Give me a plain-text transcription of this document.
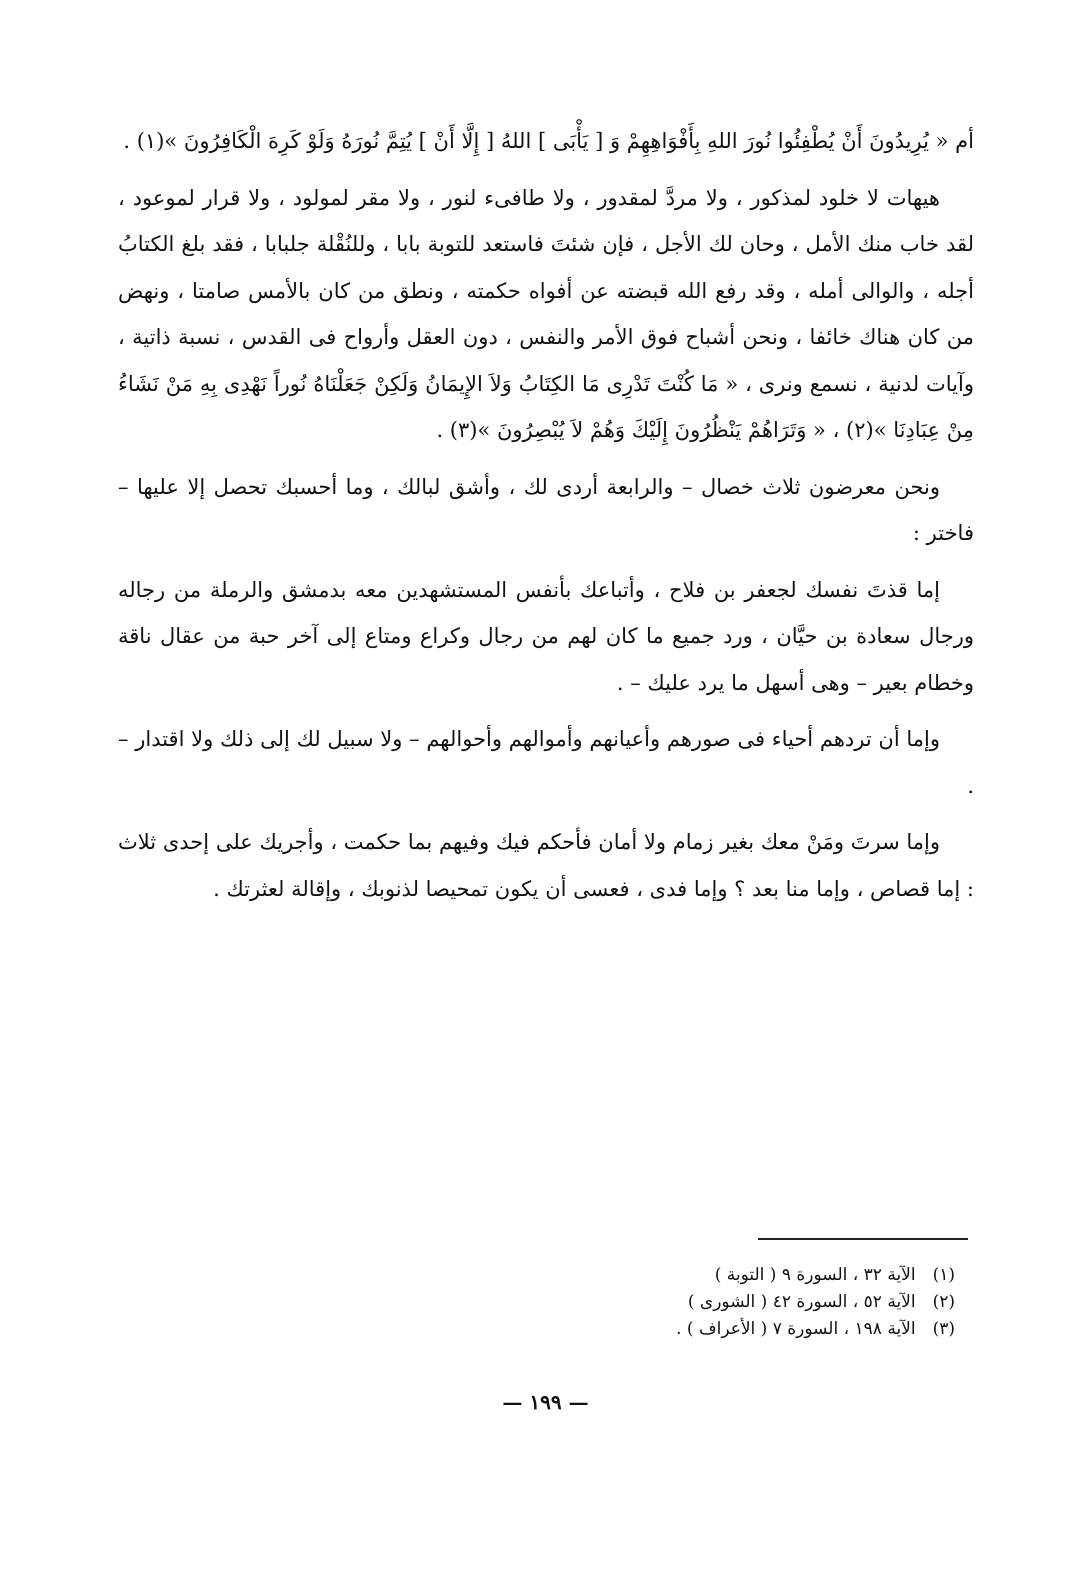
أم « يُرِيدُونَ أَنْ يُطْفِئُوا نُورَ اللهِ بِأَفْوَاهِهِمْ وَ [ يَأْبَى ] اللهُ [ إِلَّا أَنْ ] يُتِمَّ نُورَهُ وَلَوْ كَرِهَ الْكَافِرُونَ »(١) .

هيهات لا خلود لمذكور ، ولا مردَّ لمقدور ، ولا طافىء لنور ، ولا مقر لمولود ، ولا قرار لموعود ، لقد خاب منك الأمل ، وحان لك الأجل ، فإن شئتَ فاستعد للتوبة بابا ، وللنُقْلة جلبابا ، فقد بلغ الكتابُ أجله ، والوالى أمله ، وقد رفع الله قبضته عن أفواه حكمته ، ونطق من كان بالأمس صامتا ، ونهض من كان هناك خائفا ، ونحن أشباح فوق الأمر والنفس ، دون العقل وأرواح فى القدس ، نسبة ذاتية ، وآيات لدنية ، نسمع ونرى ، « مَا كُنْتَ تَدْرِى مَا الكِتَابُ وَلاَ الإِيمَانُ وَلَكِنْ جَعَلْنَاهُ نُوراً نَهْدِى بِهِ مَنْ نَشَاءُ مِنْ عِبَادِنَا »(٢) ، « وَتَرَاهُمْ يَنْظُرُونَ إِلَيْكَ وَهُمْ لاَ يُبْصِرُونَ »(٣) .

ونحن معرضون ثلاث خصال – والرابعة أردى لك ، وأشق لبالك ، وما أحسبك تحصل إلا عليها – فاختر :

إما قذتَ نفسك لجعفر بن فلاح ، وأتباعك بأنفس المستشهدين معه بدمشق والرملة من رجاله ورجال سعادة بن حيَّان ، ورد جميع ما كان لهم من رجال وكراع ومتاع إلى آخر حبة من عقال ناقة وخطام بعير – وهى أسهل ما يرد عليك – .

وإما أن تردهم أحياء فى صورهم وأعيانهم وأموالهم وأحوالهم – ولا سبيل لك إلى ذلك ولا اقتدار – .

وإما سرتَ ومَنْ معك بغير زمام ولا أمان فأحكم فيك وفيهم بما حكمت ، وأجريك على إحدى ثلاث : إما قصاص ، وإما منا بعد ؟ وإما فدى ، فعسى أن يكون تمحيصا لذنوبك ، وإقالة لعثرتك .

(١) الآية ٣٢ ، السورة ٩ ( التوبة )
(٢) الآية ٥٢ ، السورة ٤٢ ( الشورى )
(٣) الآية ١٩٨ ، السورة ٧ ( الأعراف ) .
— ١٩٩ —
